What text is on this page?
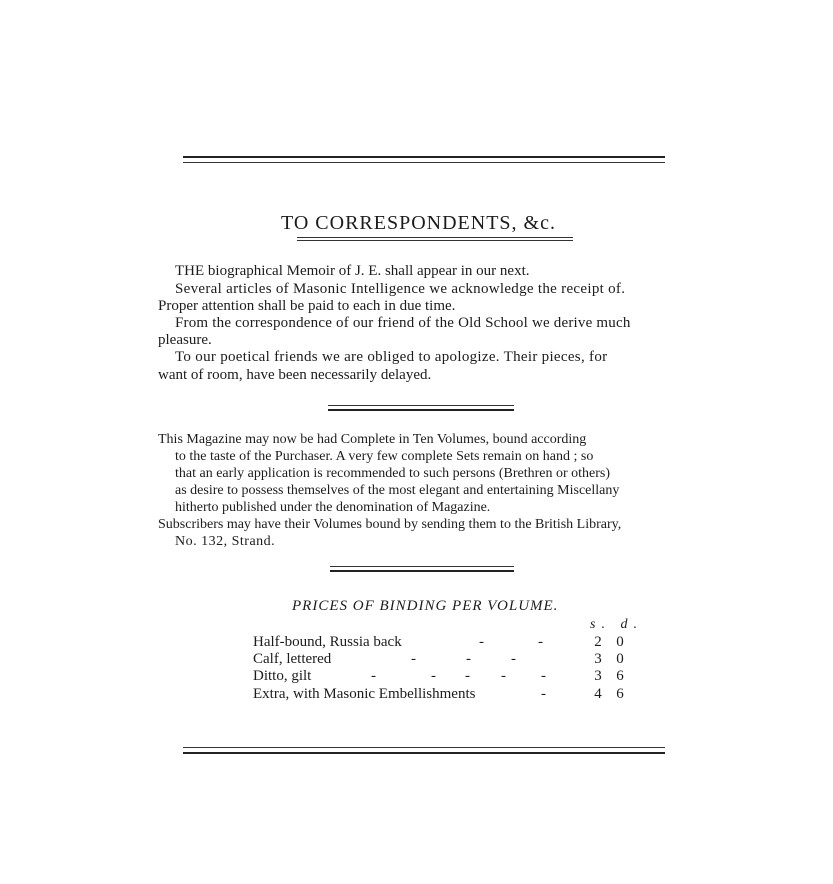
TO CORRESPONDENTS, &c.
THE biographical Memoir of J. E. shall appear in our next.
Several articles of Masonic Intelligence we acknowledge the receipt of.
Proper attention shall be paid to each in due time.
From the correspondence of our friend of the Old School we derive much
pleasure.
To our poetical friends we are obliged to apologize. Their pieces, for
want of room, have been necessarily delayed.
This Magazine may now be had Complete in Ten Volumes, bound according
to the taste of the Purchaser. A very few complete Sets remain on hand ; so
that an early application is recommended to such persons (Brethren or others)
as desire to possess themselves of the most elegant and entertaining Miscellany
hitherto published under the denomination of Magazine.
Subscribers may have their Volumes bound by sending them to the British Library,
No. 132, Strand.
PRICES OF BINDING PER VOLUME.
s. d.
Half-bound, Russia back	-	-	2 0
Calf, lettered	-	-	-	3 0
Ditto, gilt	-	- - - -	3 6
Extra, with Masonic Embellishments	-	4 6
